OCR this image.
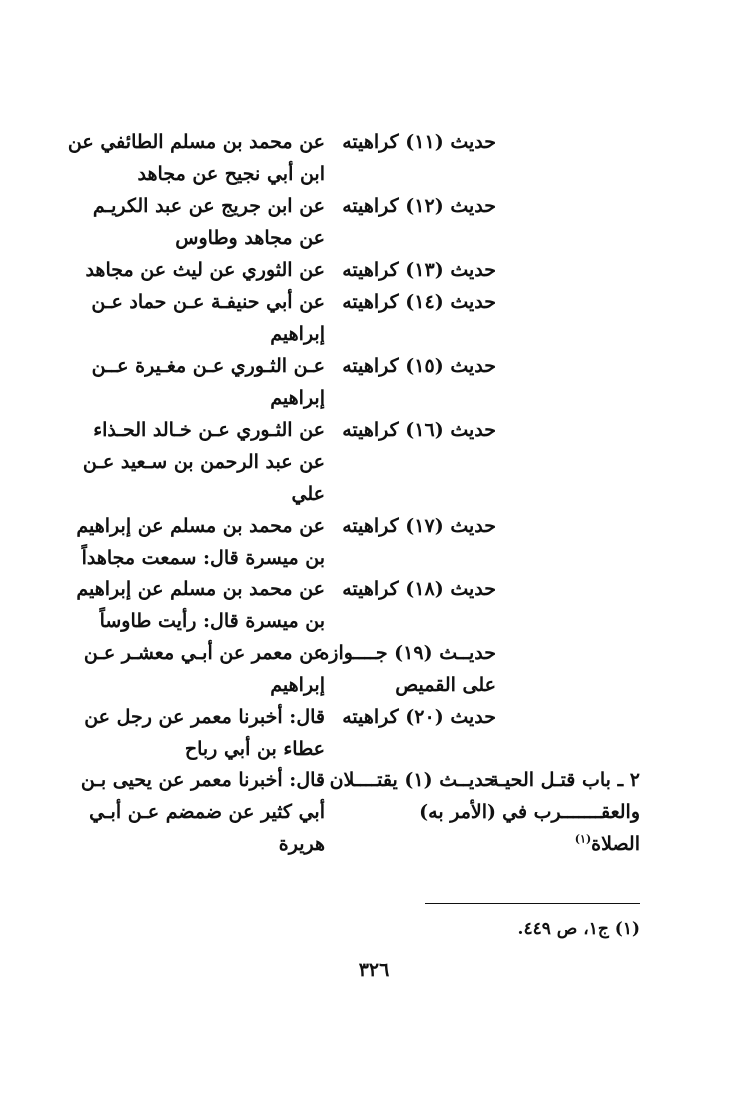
حديث (١١) كراهيته
عن محمد بن مسلم الطائفي عن
ابن أبي نجيح عن مجاهد
حديث (١٢) كراهيته
عن ابن جريج عن عبد الكريـم
عن مجاهد وطاوس
حديث (١٣) كراهيته
عن الثوري عن ليث عن مجاهد
حديث (١٤) كراهيته
عن أبي حنيفـة عـن حماد عـن
إبراهيم
حديث (١٥) كراهيته
عـن الثـوري عـن مغـيرة عــن
إبراهيم
حديث (١٦) كراهيته
عن الثـوري عـن خـالد الحـذاء
عن عبد الرحمن بن سـعيد عـن
علي
حديث (١٧) كراهيته
عن محمد بن مسلم عن إبراهيم
بن ميسرة قال: سمعت مجاهداً
حديث (١٨) كراهيته
عن محمد بن مسلم عن إبراهيم
بن ميسرة قال: رأيت طاوساً
حديــث (١٩) جــــوازه
على القميص
عن معمر عن أبـي معشـر عـن
إبراهيم
حديث (٢٠) كراهيته
قال: أخبرنا معمر عن رجل عن
عطاء بن أبي رباح
٢ ـ باب قتـل الحيـة
والعقـــــــرب في
الصلاة$^{(١)}$
حديــث (١) يقتــــلان
(الأمر به)
قال: أخبرنا معمر عن يحيى بـن
أبي كثير عن ضمضم عـن أبـي
هريرة
(١) ج١، ص ٤٤٩.
٣٢٦
